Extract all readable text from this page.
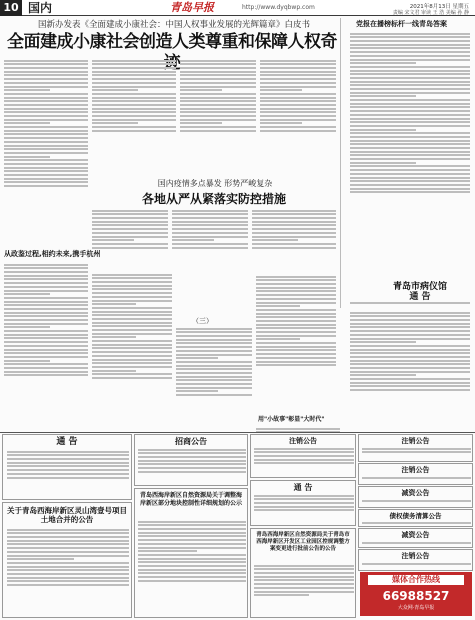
10 国内	青岛早报	http://www.dyqbwp.com	2021年8月13日 星期五
责编 宋文君 审读 王 浩 美编 孙 静
国新办发表《全面建成小康社会：中国人权事业发展的光辉篇章》白皮书
全面建成小康社会创造人类尊重和保障人权奇
国内疫情多点暴发 形势严峻复杂
各地从严从紧落实防控措施
从政鉴过程,相约未来,携手杭州
（三）
用"小故事"彰显"大时代"
党报在播榜标杆一线青岛答案
青岛市病仪馆
通 告
通 告
关于青岛西海岸新区灵山湾壹号项目土地合并的公告
招商公告
青岛西海岸新区自然资源局关于调整海岸新区部分地块控制性详细规划的公示
注销公告
通 告
青岛西海岸新区自然资源局关于青岛市西海岸新区开发区工业园区控规调整方案变更进行批前公告的公告
注销公告
注销公告
减资公告
债权债务清算公告
减资公告
注销公告
媒体合作热线
66988527
大众网·青岛早报
